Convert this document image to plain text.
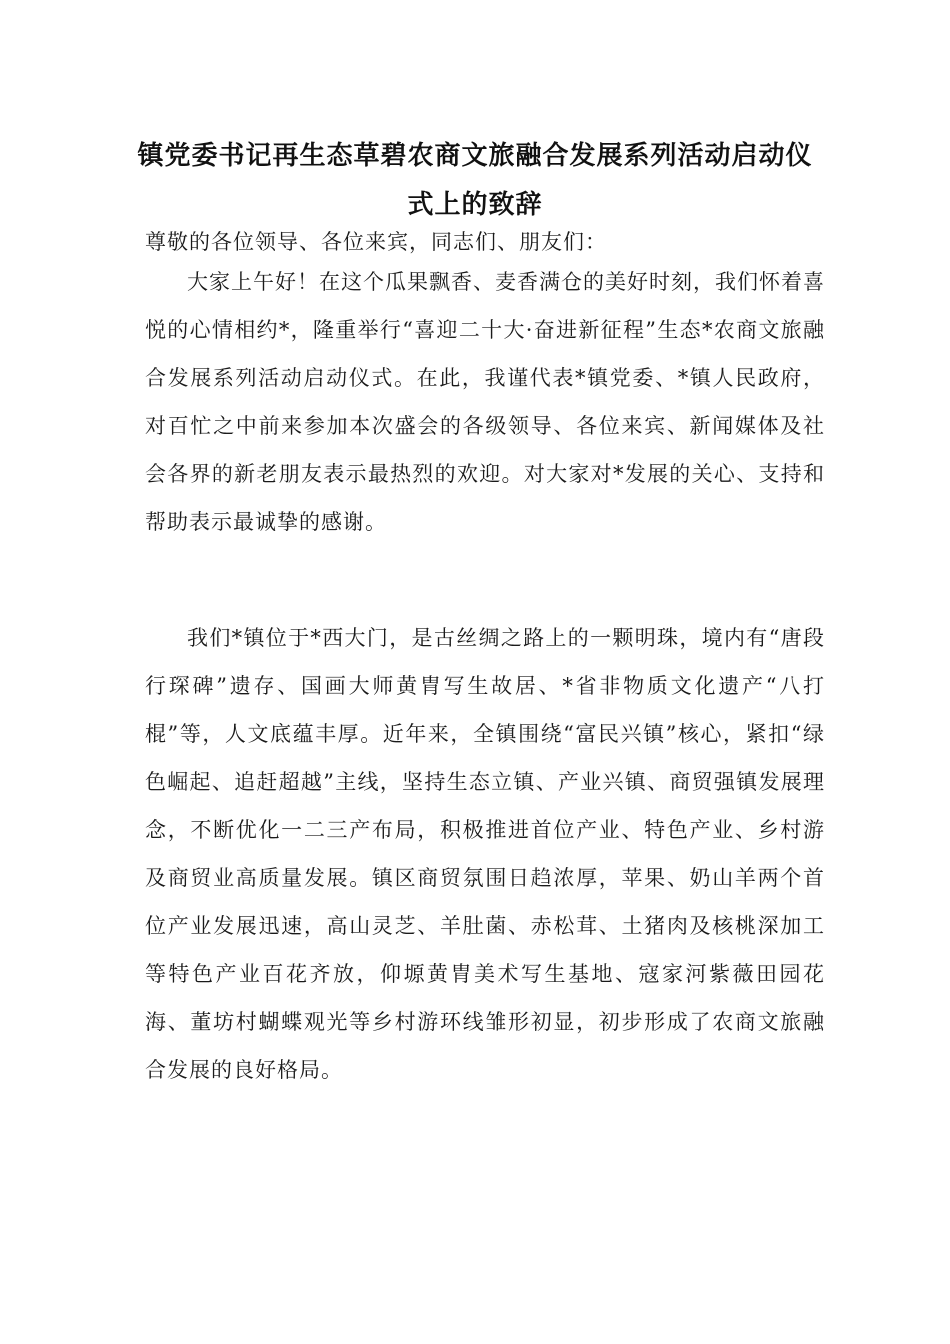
镇党委书记再生态草碧农商文旅融合发展系列活动启动仪
式上的致辞

尊敬的各位领导、各位来宾，同志们、朋友们：

大家上午好！在这个瓜果飘香、麦香满仓的美好时刻，我们怀着喜悦的心情相约*，隆重举行“喜迎二十大·奋进新征程”生态*农商文旅融合发展系列活动启动仪式。在此，我谨代表*镇党委、*镇人民政府，对百忙之中前来参加本次盛会的各级领导、各位来宾、新闻媒体及社会各界的新老朋友表示最热烈的欢迎。对大家对*发展的关心、支持和帮助表示最诚挚的感谢。

我们*镇位于*西大门，是古丝绸之路上的一颗明珠，境内有“唐段行琛碑”遗存、国画大师黄胄写生故居、*省非物质文化遗产“八打棍”等，人文底蕴丰厚。近年来，全镇围绕“富民兴镇”核心，紧扣“绿色崛起、追赶超越”主线，坚持生态立镇、产业兴镇、商贸强镇发展理念，不断优化一二三产布局，积极推进首位产业、特色产业、乡村游及商贸业高质量发展。镇区商贸氛围日趋浓厚，苹果、奶山羊两个首位产业发展迅速，高山灵芝、羊肚菌、赤松茸、土猪肉及核桃深加工等特色产业百花齐放，仰塬黄胄美术写生基地、寇家河紫薇田园花海、董坊村蝴蝶观光等乡村游环线雏形初显，初步形成了农商文旅融合发展的良好格局。
